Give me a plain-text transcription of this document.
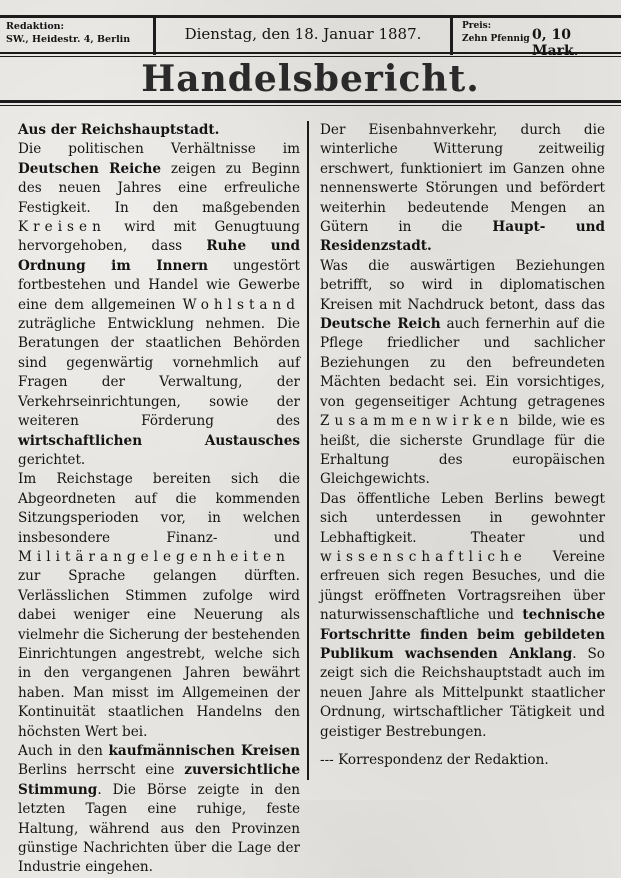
Redaktion:
SW., Heidestr. 4, Berlin	Dienstag, den 18. Januar 1887.	Preis:
Zehn Pfennig 0, 10 Mark.
Handelsbericht.

Aus der Reichshauptstadt.

Die politischen Verhältnisse im Deutschen Reiche zeigen zu Beginn des neuen Jahres eine erfreuliche Festigkeit. In den maßgebenden Kreisen wird mit Genugtuung hervorgehoben, dass Ruhe und Ordnung im Innern ungestört fortbestehen und Handel wie Gewerbe eine dem allgemeinen Wohlstand zuträgliche Entwicklung nehmen. Die Beratungen der staatlichen Behörden sind gegenwärtig vornehmlich auf Fragen der Verwaltung, der Verkehrseinrichtungen, sowie der weiteren Förderung des wirtschaftlichen Austausches gerichtet.

Im Reichstage bereiten sich die Abgeordneten auf die kommenden Sitzungsperioden vor, in welchen insbesondere Finanz- und Militärangelegenheiten zur Sprache gelangen dürften. Verlässlichen Stimmen zufolge wird dabei weniger eine Neuerung als vielmehr die Sicherung der bestehenden Einrichtungen angestrebt, welche sich in den vergangenen Jahren bewährt haben. Man misst im Allgemeinen der Kontinuität staatlichen Handelns den höchsten Wert bei.

Auch in den kaufmännischen Kreisen Berlins herrscht eine zuversichtliche Stimmung. Die Börse zeigte in den letzten Tagen eine ruhige, feste Haltung, während aus den Provinzen günstige Nachrichten über die Lage der Industrie eingehen.

Der Eisenbahnverkehr, durch die winterliche Witterung zeitweilig erschwert, funktioniert im Ganzen ohne nennenswerte Störungen und befördert weiterhin bedeutende Mengen an Gütern in die Haupt- und Residenzstadt.

Was die auswärtigen Beziehungen betrifft, so wird in diplomatischen Kreisen mit Nachdruck betont, dass das Deutsche Reich auch fernerhin auf die Pflege friedlicher und sachlicher Beziehungen zu den befreundeten Mächten bedacht sei. Ein vorsichtiges, von gegenseitiger Achtung getragenes Zusammenwirken bilde, wie es heißt, die sicherste Grundlage für die Erhaltung des europäischen Gleichgewichts.

Das öffentliche Leben Berlins bewegt sich unterdessen in gewohnter Lebhaftigkeit. Theater und wissenschaftliche Vereine erfreuen sich regen Besuches, und die jüngst eröffneten Vortragsreihen über naturwissenschaftliche und technische Fortschritte finden beim gebildeten Publikum wachsenden Anklang. So zeigt sich die Reichshauptstadt auch im neuen Jahre als Mittelpunkt staatlicher Ordnung, wirtschaftlicher Tätigkeit und geistiger Bestrebungen.

--- Korrespondenz der Redaktion.
